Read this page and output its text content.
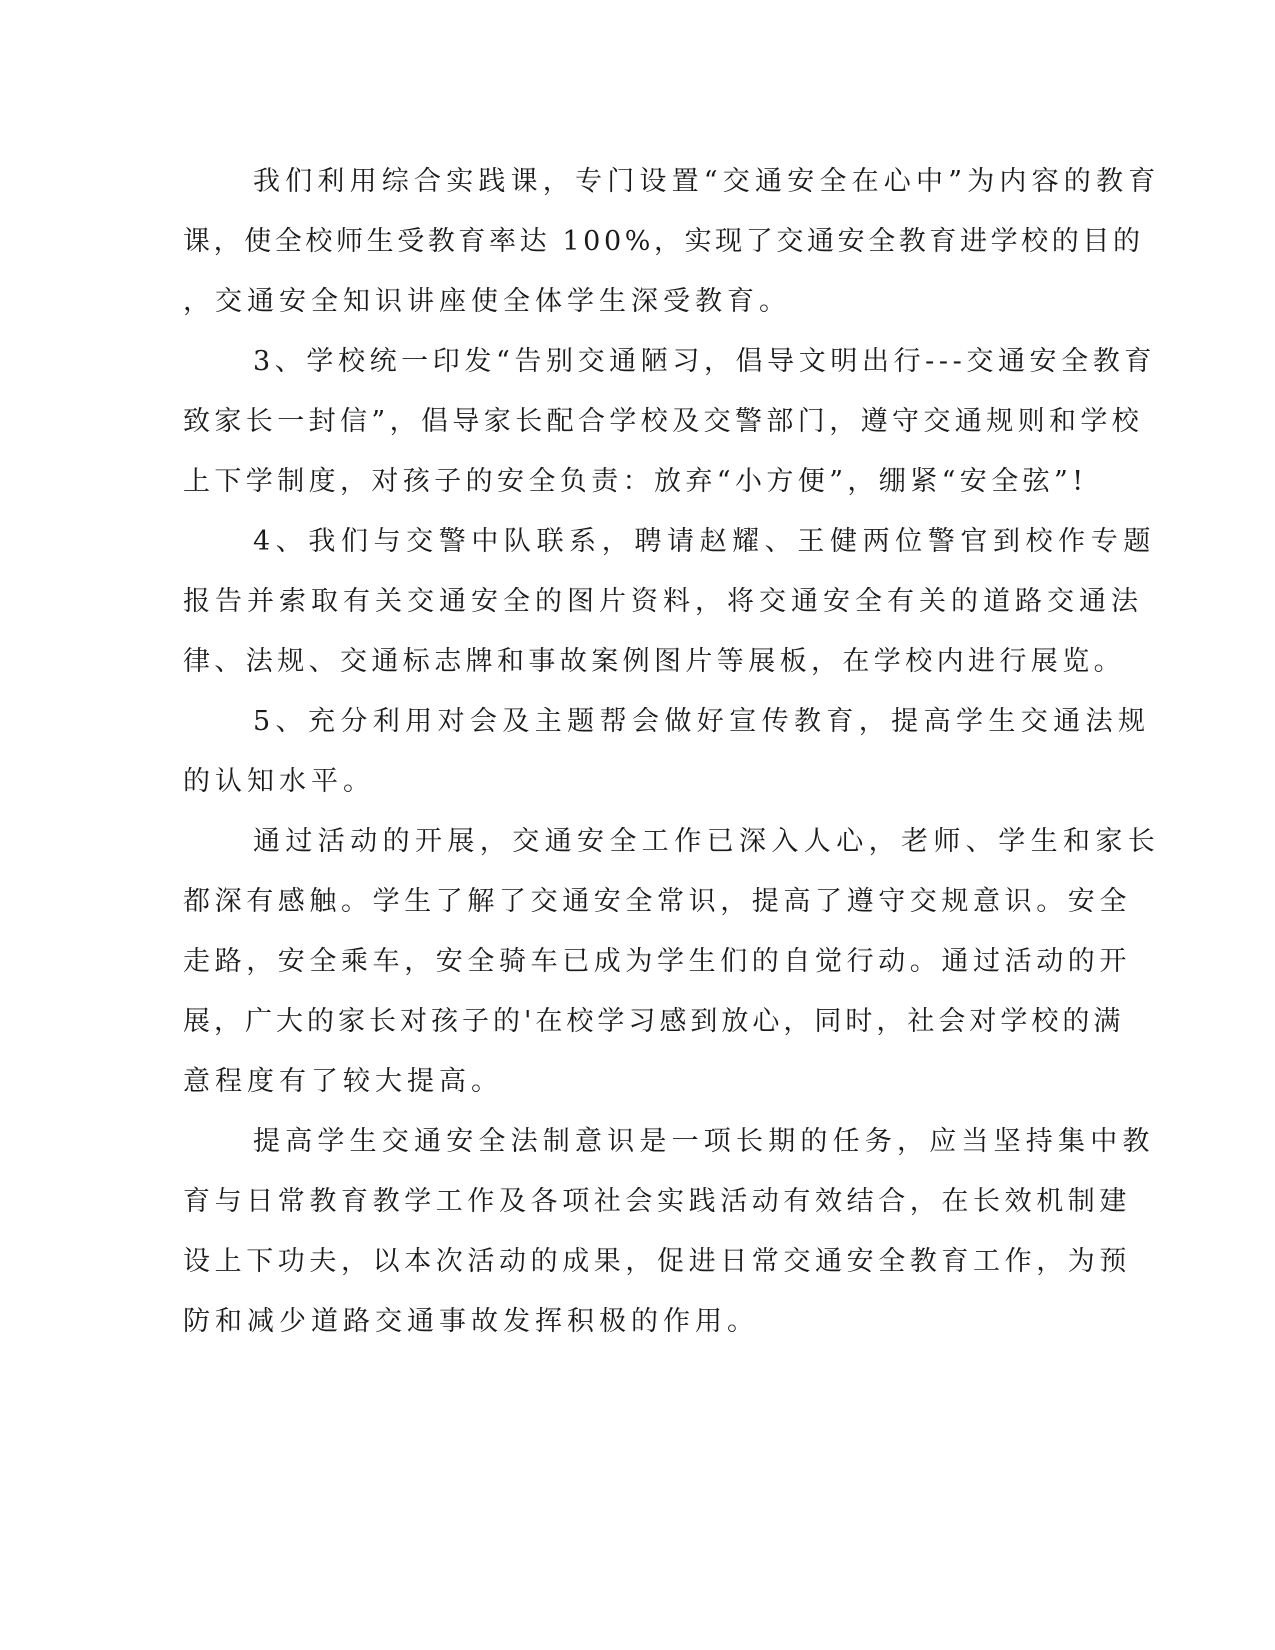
我们利用综合实践课，专门设置“交通安全在心中”为内容的教育
课，使全校师生受教育率达 100%，实现了交通安全教育进学校的目的
，交通安全知识讲座使全体学生深受教育。
3、学校统一印发“告别交通陋习，倡导文明出行---交通安全教育
致家长一封信”，倡导家长配合学校及交警部门，遵守交通规则和学校
上下学制度，对孩子的安全负责：放弃“小方便”，绷紧“安全弦”!
4、我们与交警中队联系，聘请赵耀、王健两位警官到校作专题
报告并索取有关交通安全的图片资料，将交通安全有关的道路交通法
律、法规、交通标志牌和事故案例图片等展板，在学校内进行展览。
5、充分利用对会及主题帮会做好宣传教育，提高学生交通法规
的认知水平。
通过活动的开展，交通安全工作已深入人心，老师、学生和家长
都深有感触。学生了解了交通安全常识，提高了遵守交规意识。安全
走路，安全乘车，安全骑车已成为学生们的自觉行动。通过活动的开
展，广大的家长对孩子的'在校学习感到放心，同时，社会对学校的满
意程度有了较大提高。
提高学生交通安全法制意识是一项长期的任务，应当坚持集中教
育与日常教育教学工作及各项社会实践活动有效结合，在长效机制建
设上下功夫，以本次活动的成果，促进日常交通安全教育工作，为预
防和减少道路交通事故发挥积极的作用。
